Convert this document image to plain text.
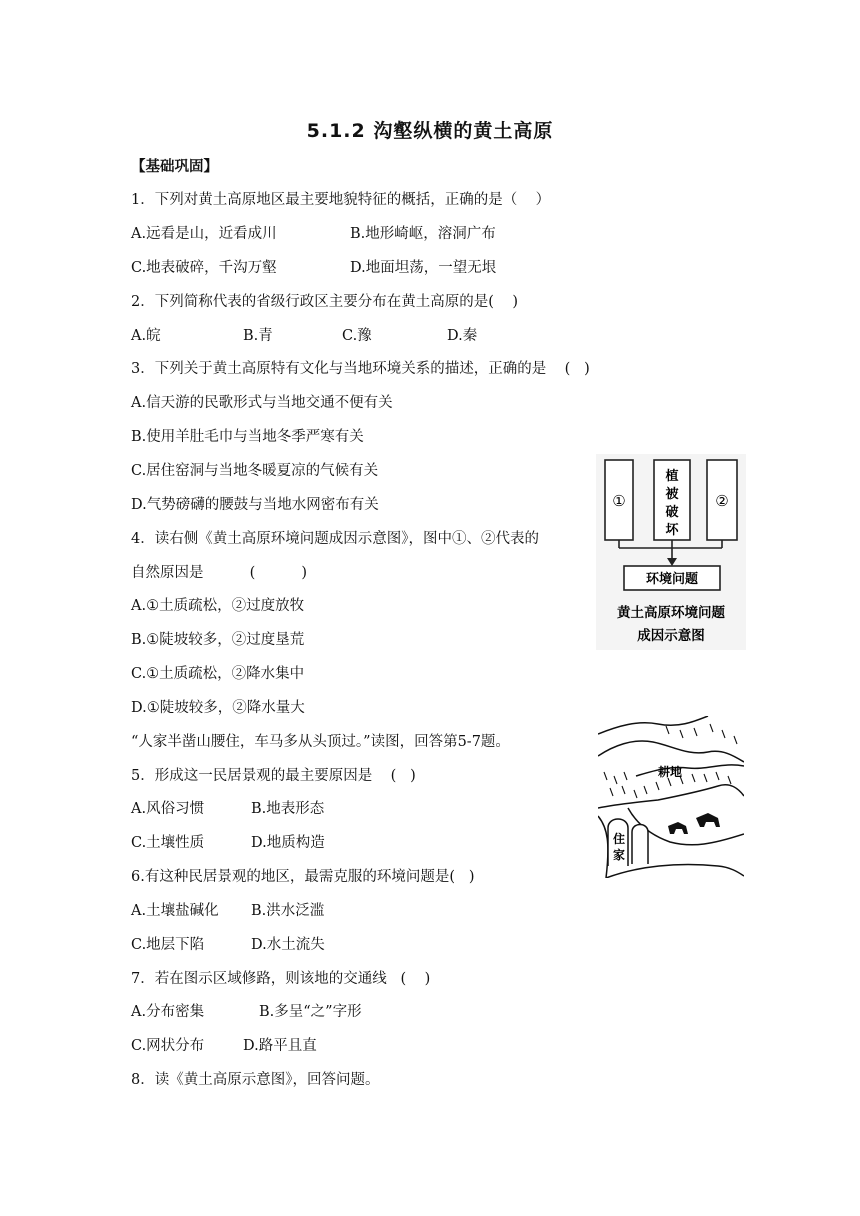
5.1.2 沟壑纵横的黄土高原
【基础巩固】
1．下列对黄土高原地区最主要地貌特征的概括，正确的是（    ）
A.远看是山，近看成川	B.地形崎岖，溶洞广布
C.地表破碎，千沟万壑	D.地面坦荡，一望无垠
2．下列简称代表的省级行政区主要分布在黄土高原的是(    )
A.皖	B.青	C.豫	D.秦
3．下列关于黄土高原特有文化与当地环境关系的描述，正确的是    (   )
A.信天游的民歌形式与当地交通不便有关
B.使用羊肚毛巾与当地冬季严寒有关
C.居住窑洞与当地冬暖夏凉的气候有关
D.气势磅礴的腰鼓与当地水网密布有关
4．读右侧《黄土高原环境问题成因示意图》，图中①、②代表的
自然原因是          (          )
A.①土质疏松，②过度放牧
B.①陡坡较多，②过度垦荒
C.①土质疏松，②降水集中
D.①陡坡较多，②降水量大
“人家半凿山腰住，车马多从头顶过。”读图，回答第5-7题。
5．形成这一民居景观的最主要原因是    (   )
A.风俗习惯	B.地表形态
C.土壤性质	D.地质构造
6.有这种民居景观的地区，最需克服的环境问题是(   )
A.土壤盐碱化 B.洪水泛滥
C.地层下陷	D.水土流失
7．若在图示区域修路，则该地的交通线   (    )
A.分布密集	B.多呈“之”字形
C.网状分布	D.路平且直
8．读《黄土高原示意图》，回答问题。
①
植
被
破
坏
②
环境问题
黄土高原环境问题
成因示意图
耕地
住
家
